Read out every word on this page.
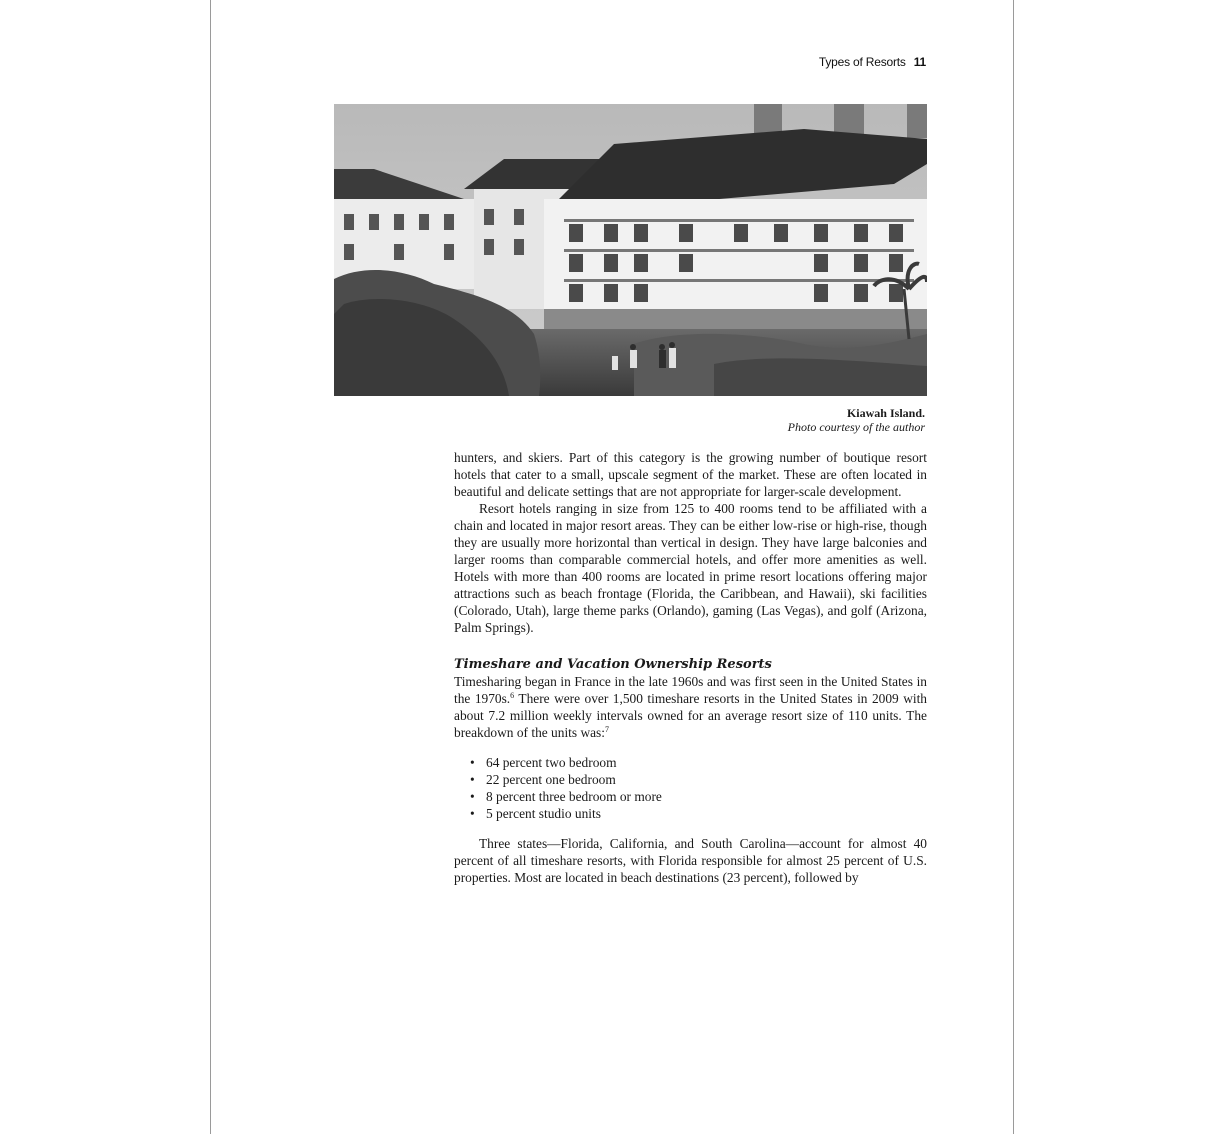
Types of Resorts 11
Kiawah Island.
Photo courtesy of the author

hunters, and skiers. Part of this category is the growing number of boutique resort hotels that cater to a small, upscale segment of the market. These are often located in beautiful and delicate settings that are not appropriate for larger-scale development.

Resort hotels ranging in size from 125 to 400 rooms tend to be affiliated with a chain and located in major resort areas. They can be either low-rise or high-rise, though they are usually more horizontal than vertical in design. They have large balconies and larger rooms than comparable commercial hotels, and offer more amenities as well. Hotels with more than 400 rooms are located in prime resort locations offering major attractions such as beach frontage (Florida, the Caribbean, and Hawaii), ski facilities (Colorado, Utah), large theme parks (Orlando), gaming (Las Vegas), and golf (Arizona, Palm Springs).

Timeshare and Vacation Ownership Resorts

Timesharing began in France in the late 1960s and was first seen in the United States in the 1970s.$^6$ There were over 1,500 timeshare resorts in the United States in 2009 with about 7.2 million weekly intervals owned for an average resort size of 110 units. The breakdown of the units was:$^7$

• 64 percent two bedroom
• 22 percent one bedroom
• 8 percent three bedroom or more
• 5 percent studio units

Three states—Florida, California, and South Carolina—account for almost 40 percent of all timeshare resorts, with Florida responsible for almost 25 percent of U.S. properties. Most are located in beach destinations (23 percent), followed by
